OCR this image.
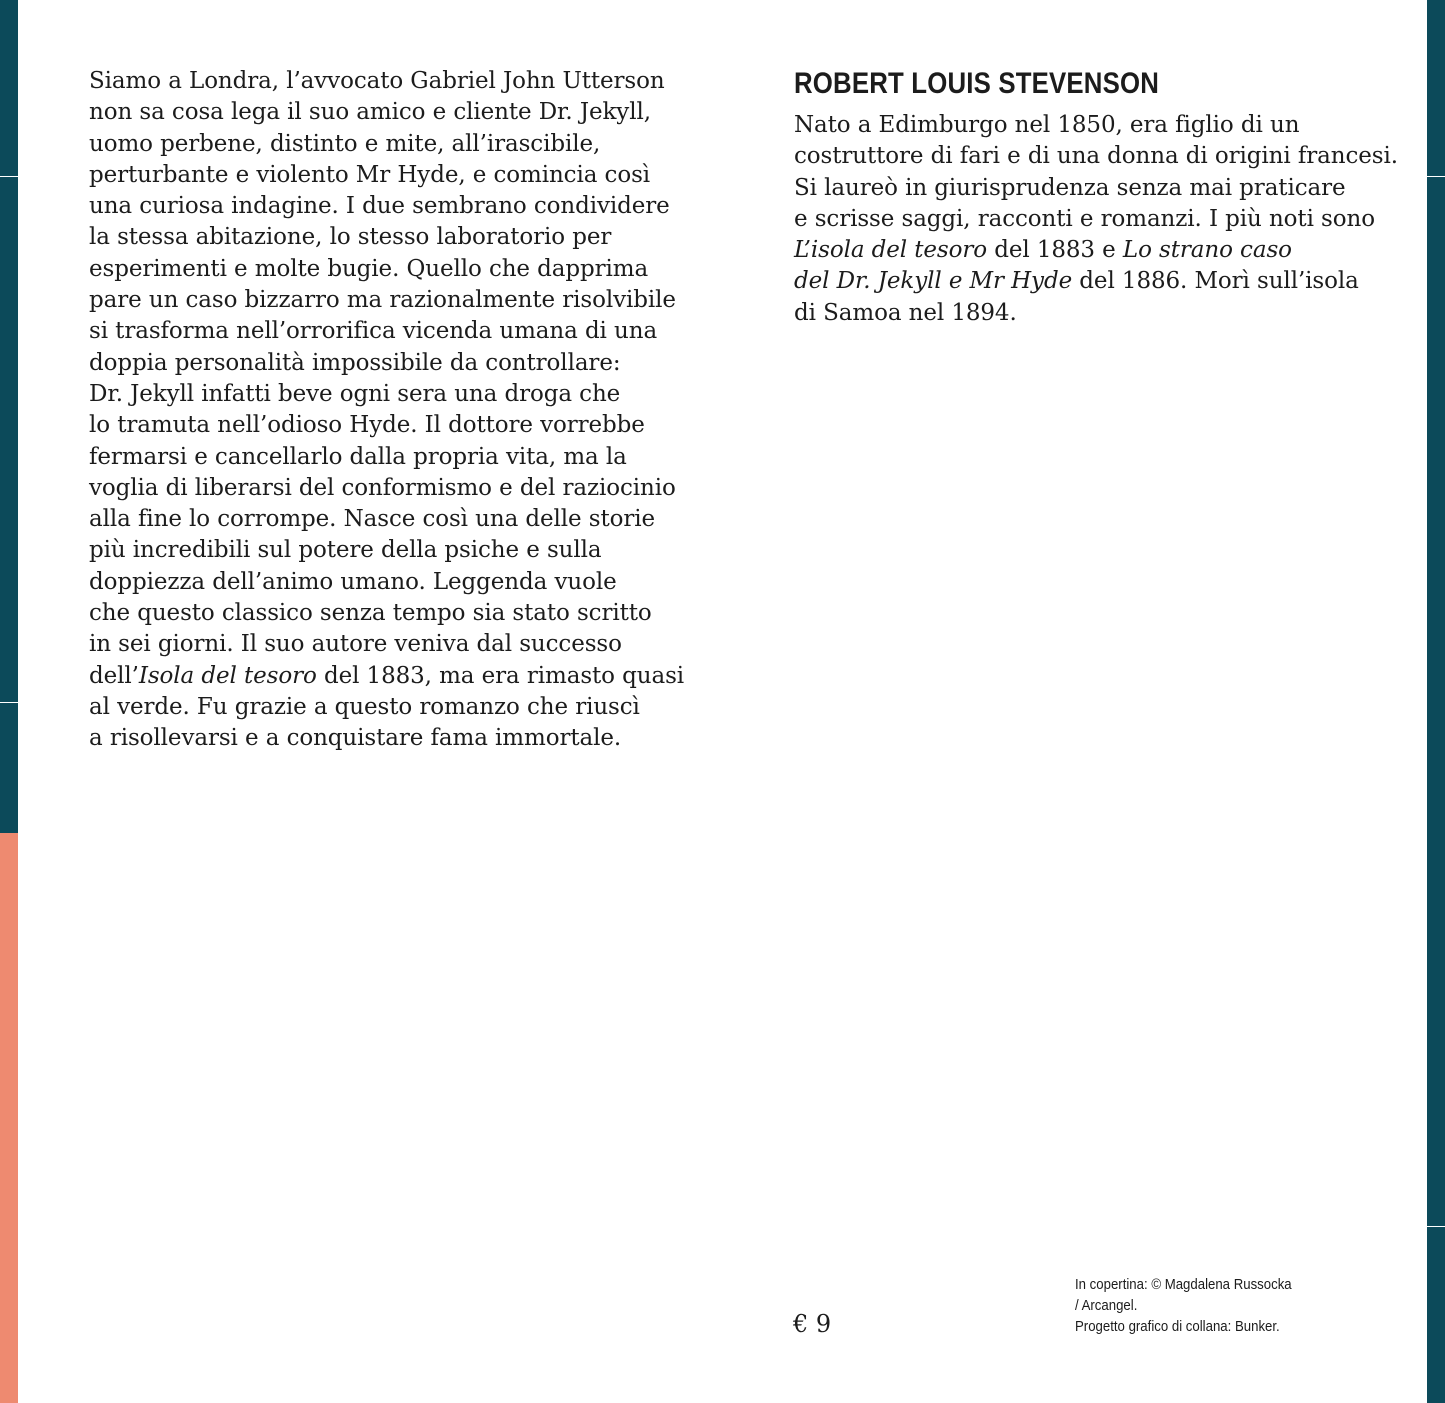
Siamo a Londra, l’avvocato Gabriel John Utterson
non sa cosa lega il suo amico e cliente Dr. Jekyll,
uomo perbene, distinto e mite, all’irascibile,
perturbante e violento Mr Hyde, e comincia così
una curiosa indagine. I due sembrano condividere
la stessa abitazione, lo stesso laboratorio per
esperimenti e molte bugie. Quello che dapprima
pare un caso bizzarro ma razionalmente risolvibile
si trasforma nell’orrorifica vicenda umana di una
doppia personalità impossibile da controllare:
Dr. Jekyll infatti beve ogni sera una droga che
lo tramuta nell’odioso Hyde. Il dottore vorrebbe
fermarsi e cancellarlo dalla propria vita, ma la
voglia di liberarsi del conformismo e del raziocinio
alla fine lo corrompe. Nasce così una delle storie
più incredibili sul potere della psiche e sulla
doppiezza dell’animo umano. Leggenda vuole
che questo classico senza tempo sia stato scritto
in sei giorni. Il suo autore veniva dal successo
dell’Isola del tesoro del 1883, ma era rimasto quasi
al verde. Fu grazie a questo romanzo che riuscì
a risollevarsi e a conquistare fama immortale.
ROBERT LOUIS STEVENSON
Nato a Edimburgo nel 1850, era figlio di un
costruttore di fari e di una donna di origini francesi.
Si laureò in giurisprudenza senza mai praticare
e scrisse saggi, racconti e romanzi. I più noti sono
L’isola del tesoro del 1883 e Lo strano caso
del Dr. Jekyll e Mr Hyde del 1886. Morì sull’isola
di Samoa nel 1894.
€ 9
In copertina: © Magdalena Russocka
/ Arcangel.
Progetto grafico di collana: Bunker.
